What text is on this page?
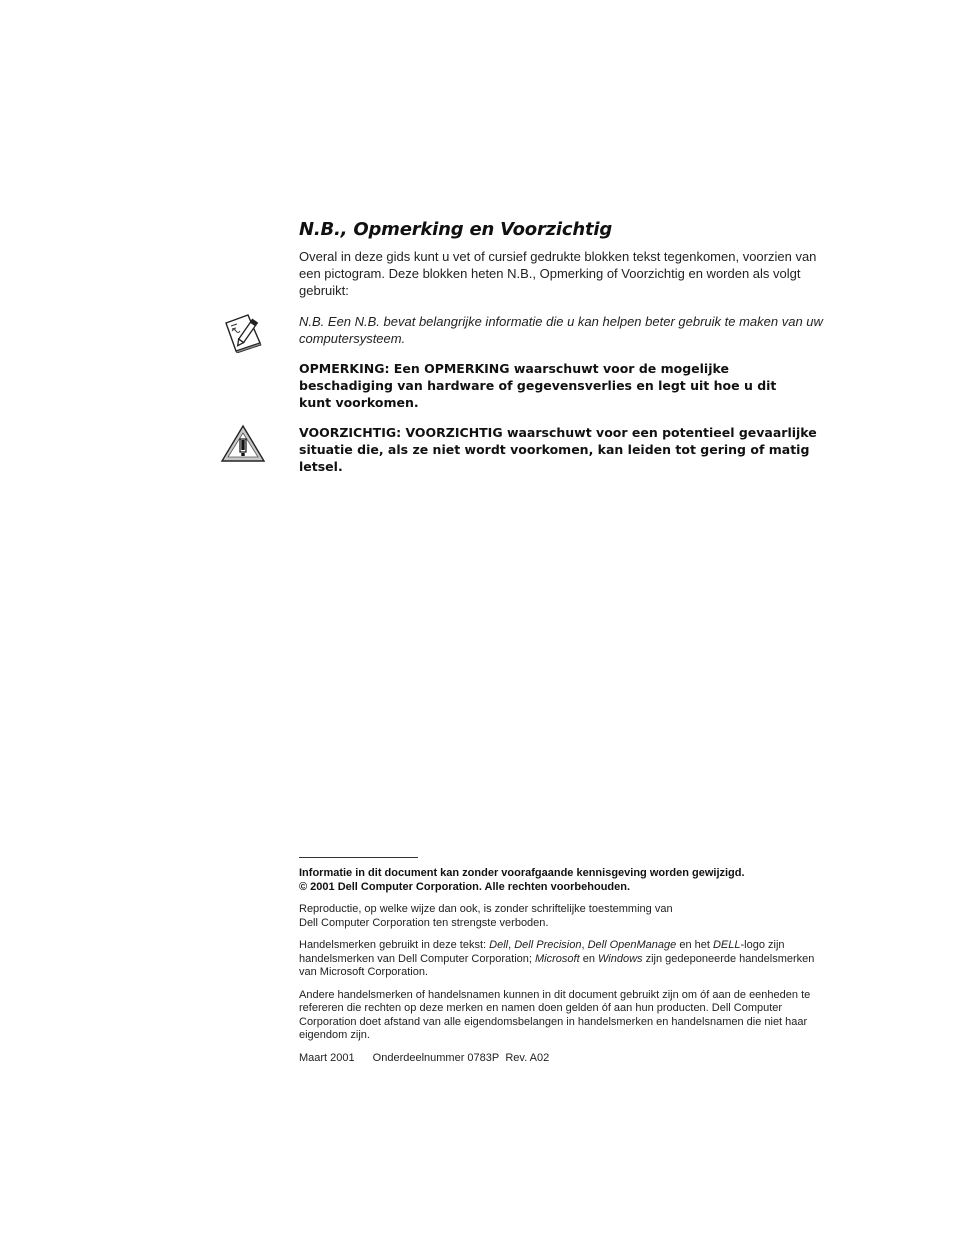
N.B., Opmerking en Voorzichtig

Overal in deze gids kunt u vet of cursief gedrukte blokken tekst tegenkomen, voorzien van een pictogram. Deze blokken heten N.B., Opmerking of Voorzichtig en worden als volgt gebruikt:

N.B. Een N.B. bevat belangrijke informatie die u kan helpen beter gebruik te maken van uw computersysteem.

OPMERKING: Een OPMERKING waarschuwt voor de mogelijke
beschadiging van hardware of gegevensverlies en legt uit hoe u dit
kunt voorkomen.

VOORZICHTIG: VOORZICHTIG waarschuwt voor een potentieel gevaarlijke situatie die, als ze niet wordt voorkomen, kan leiden tot gering of matig letsel.

Informatie in dit document kan zonder voorafgaande kennisgeving worden gewijzigd.
© 2001 Dell Computer Corporation. Alle rechten voorbehouden.

Reproductie, op welke wijze dan ook, is zonder schriftelijke toestemming van
Dell Computer Corporation ten strengste verboden.

Handelsmerken gebruikt in deze tekst: Dell, Dell Precision, Dell OpenManage en het DELL-logo zijn handelsmerken van Dell Computer Corporation; Microsoft en Windows zijn gedeponeerde handelsmerken van Microsoft Corporation.

Andere handelsmerken of handelsnamen kunnen in dit document gebruikt zijn om óf aan de eenheden te refereren die rechten op deze merken en namen doen gelden óf aan hun producten. Dell Computer Corporation doet afstand van alle eigendomsbelangen in handelsmerken en handelsnamen die niet haar eigendom zijn.

Maart 2001 Onderdeelnummer 0783P Rev. A02
